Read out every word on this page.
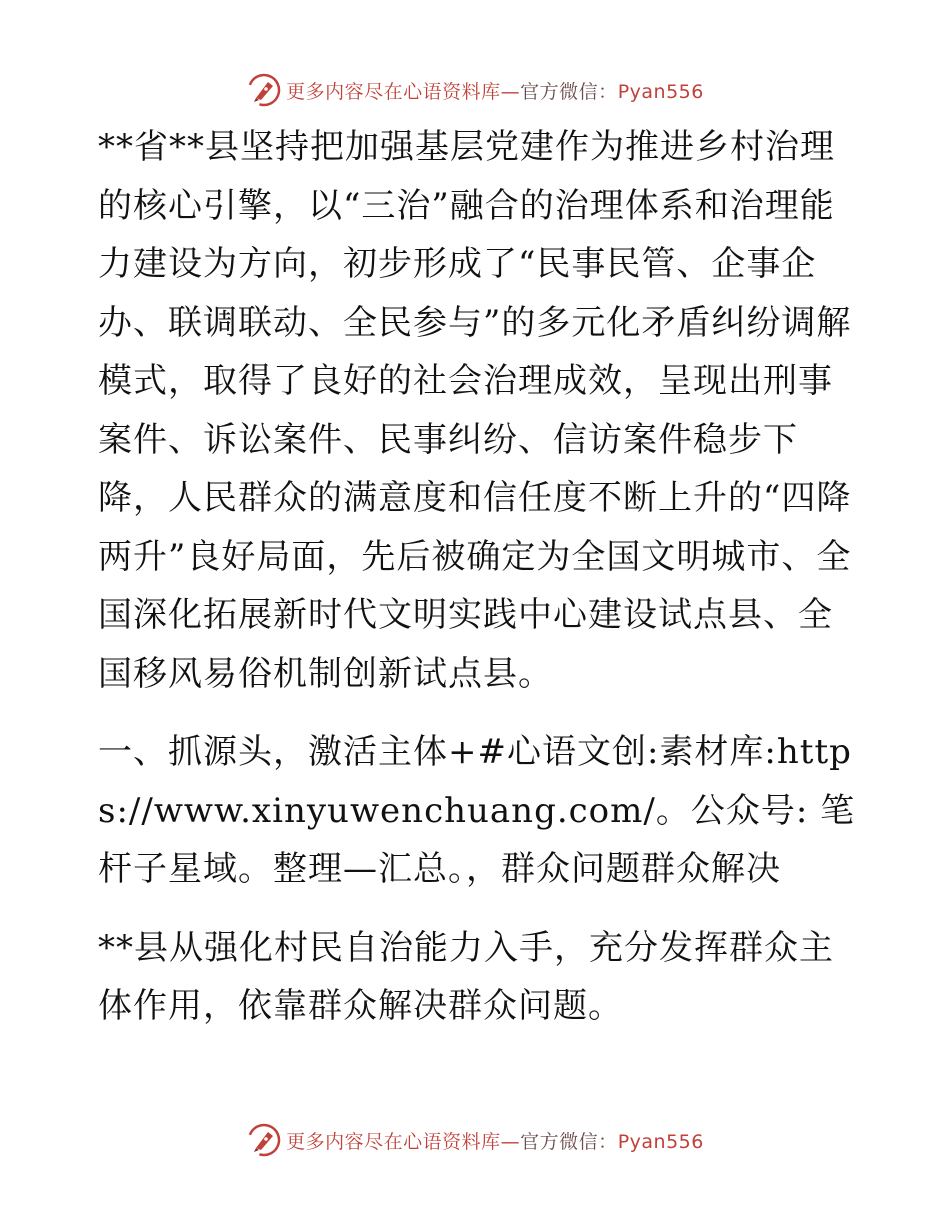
更多内容尽在心语资料库—官方微信：Pyan556

**省**县坚持把加强基层党建作为推进乡村治理的核心引擎，以“三治”融合的治理体系和治理能力建设为方向，初步形成了“民事民管、企事企办、联调联动、全民参与”的多元化矛盾纠纷调解模式，取得了良好的社会治理成效，呈现出刑事案件、诉讼案件、民事纠纷、信访案件稳步下降，人民群众的满意度和信任度不断上升的“四降两升”良好局面，先后被确定为全国文明城市、全国深化拓展新时代文明实践中心建设试点县、全国移风易俗机制创新试点县。

一、抓源头，激活主体+#心语文创:素材库:https://www.xinyuwenchuang.com/。公众号: 笔杆子星域。整理—汇总。，群众问题群众解决

**县从强化村民自治能力入手，充分发挥群众主体作用，依靠群众解决群众问题。

更多内容尽在心语资料库—官方微信：Pyan556
